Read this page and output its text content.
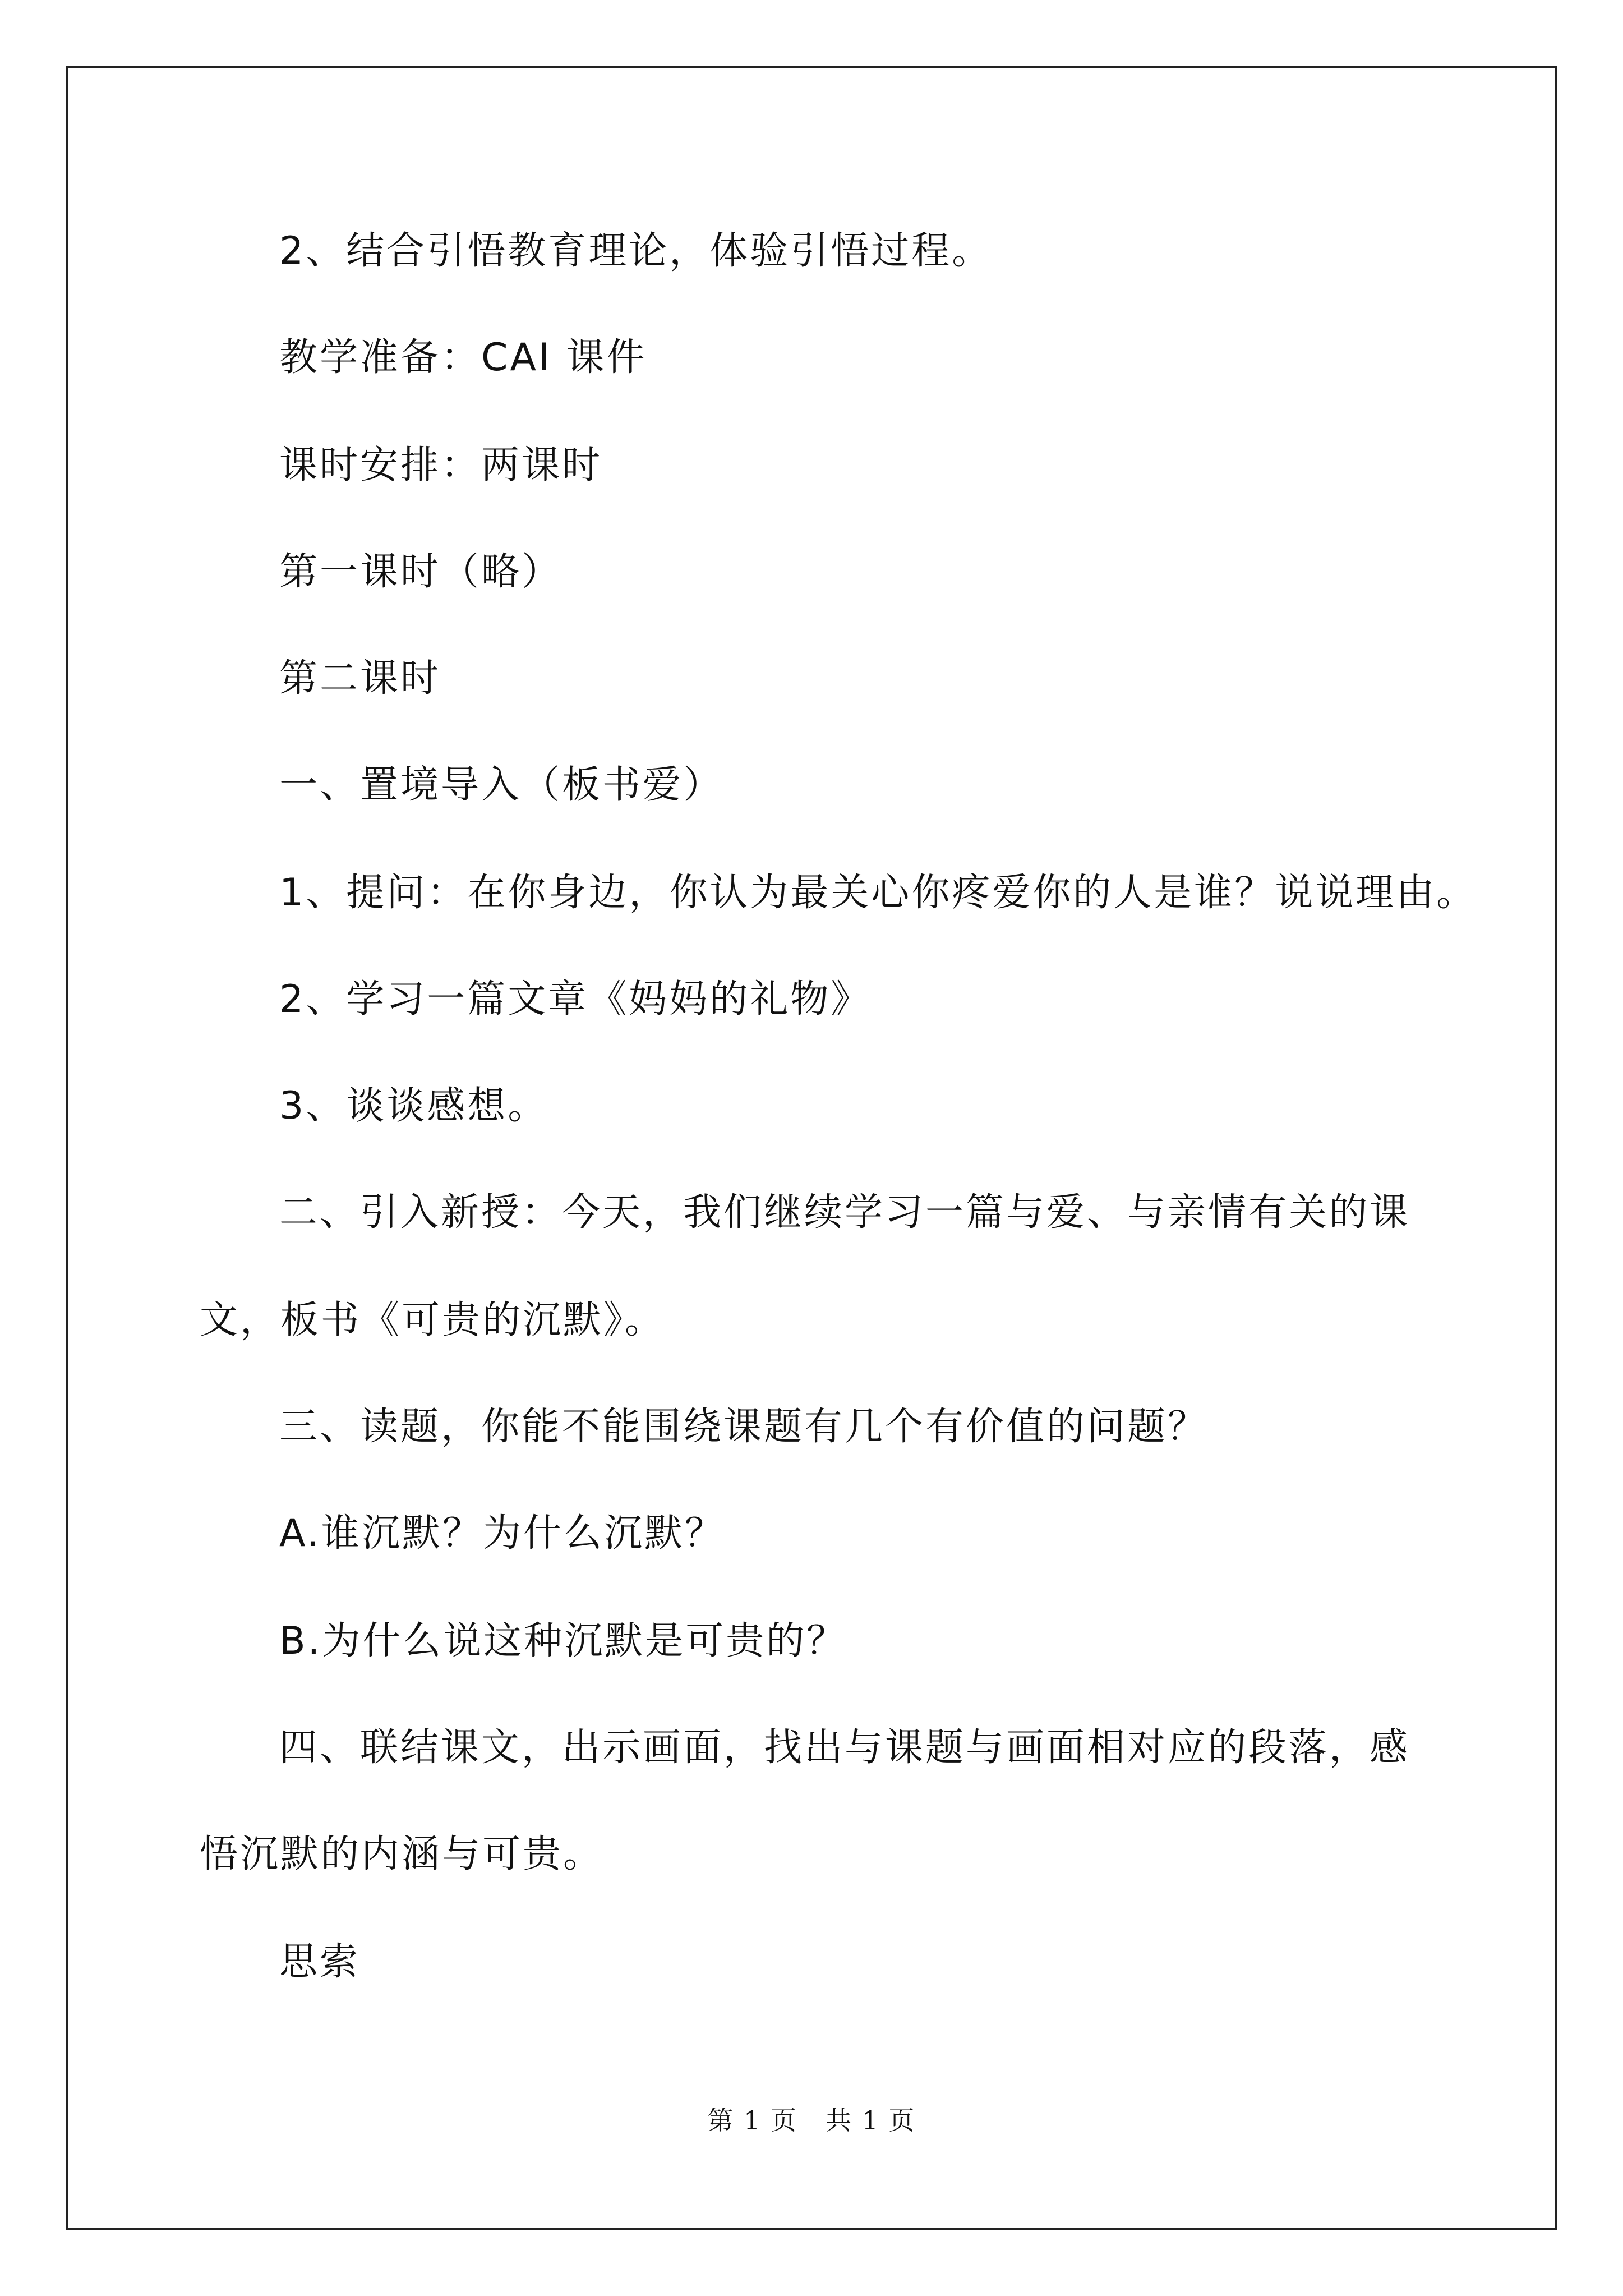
2、结合引悟教育理论，体验引悟过程。
教学准备：CAI 课件
课时安排：两课时
第一课时（略）
第二课时
一、置境导入（板书爱）
1、提问：在你身边，你认为最关心你疼爱你的人是谁？说说理由。
2、学习一篇文章《妈妈的礼物》
3、谈谈感想。
二、引入新授：今天，我们继续学习一篇与爱、与亲情有关的课
文，板书《可贵的沉默》。
三、读题，你能不能围绕课题有几个有价值的问题？
A.谁沉默？为什么沉默？
B.为什么说这种沉默是可贵的？
四、联结课文，出示画面，找出与课题与画面相对应的段落，感
悟沉默的内涵与可贵。
思索
第 1 页 共 1 页
